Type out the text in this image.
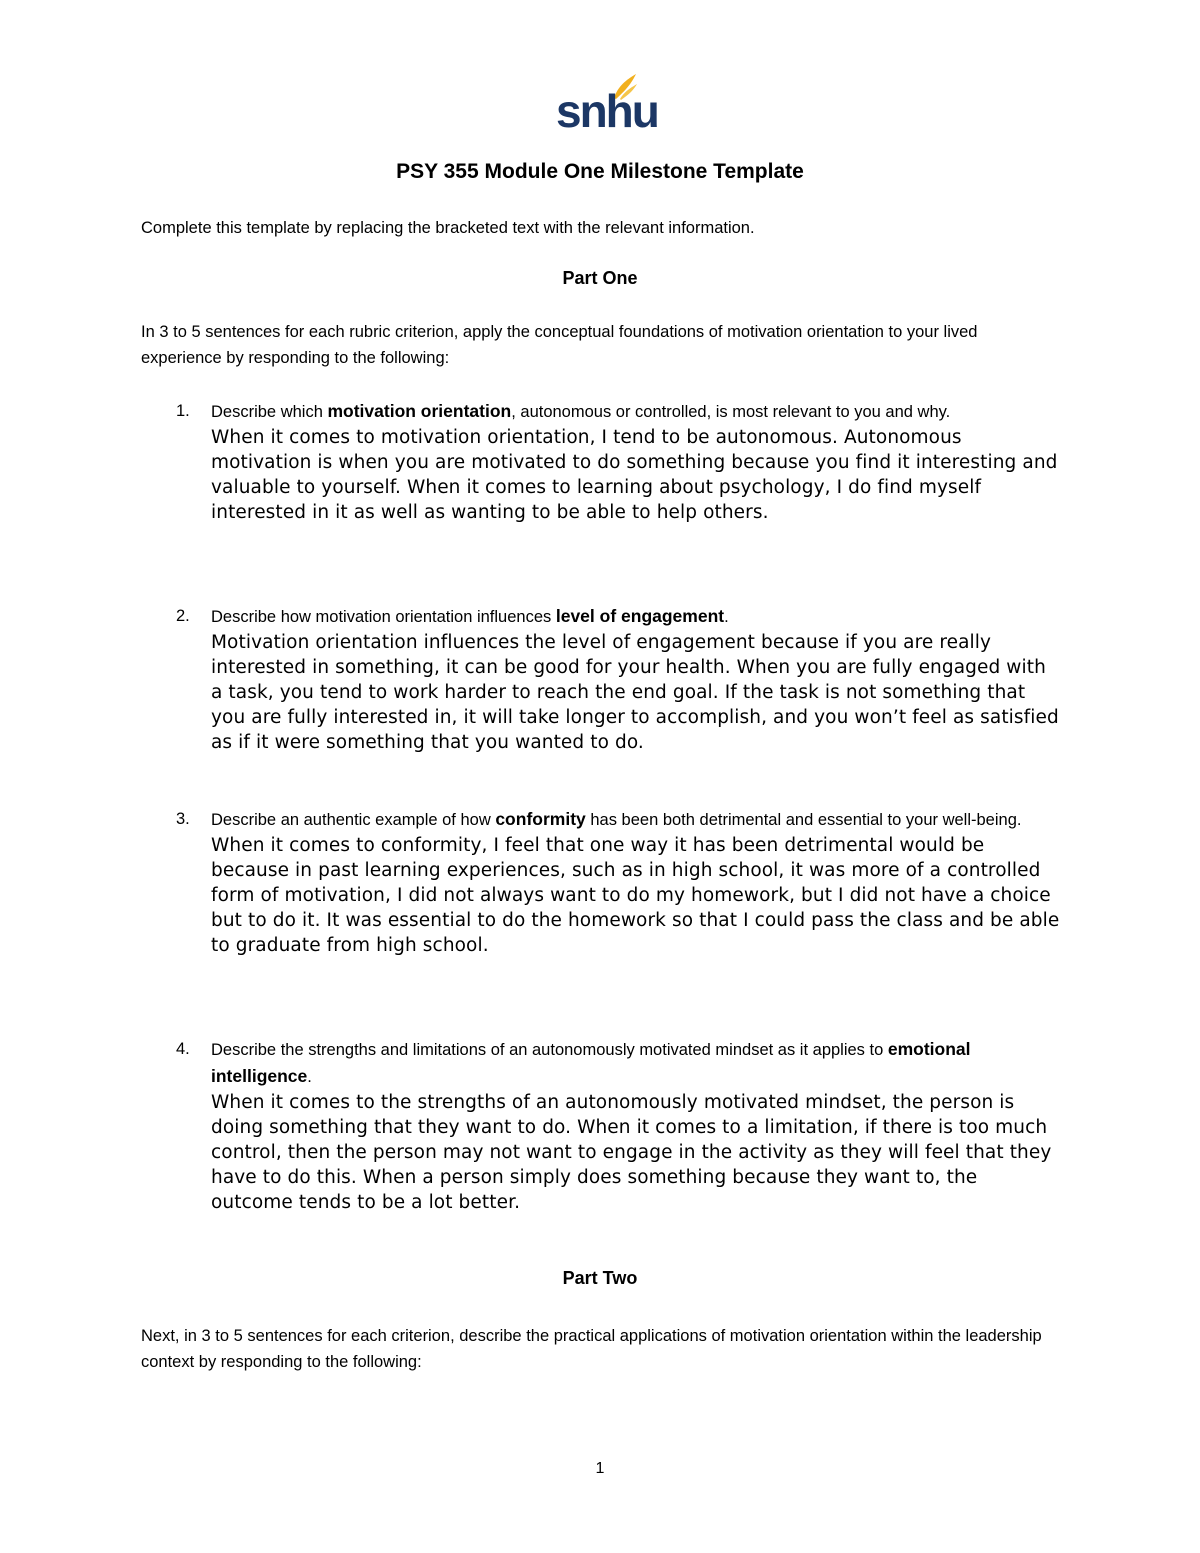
snhu
PSY 355 Module One Milestone Template
Complete this template by replacing the bracketed text with the relevant information.
Part One
In 3 to 5 sentences for each rubric criterion, apply the conceptual foundations of motivation orientation to your lived experience by responding to the following:
1. Describe which motivation orientation, autonomous or controlled, is most relevant to you and why.
When it comes to motivation orientation, I tend to be autonomous. Autonomous motivation is when you are motivated to do something because you find it interesting and valuable to yourself. When it comes to learning about psychology, I do find myself interested in it as well as wanting to be able to help others.
2. Describe how motivation orientation influences level of engagement.
Motivation orientation influences the level of engagement because if you are really interested in something, it can be good for your health. When you are fully engaged with a task, you tend to work harder to reach the end goal. If the task is not something that you are fully interested in, it will take longer to accomplish, and you won’t feel as satisfied as if it were something that you wanted to do.
3. Describe an authentic example of how conformity has been both detrimental and essential to your well-being.
When it comes to conformity, I feel that one way it has been detrimental would be because in past learning experiences, such as in high school, it was more of a controlled form of motivation, I did not always want to do my homework, but I did not have a choice but to do it. It was essential to do the homework so that I could pass the class and be able to graduate from high school.
4. Describe the strengths and limitations of an autonomously motivated mindset as it applies to emotional intelligence.
When it comes to the strengths of an autonomously motivated mindset, the person is doing something that they want to do. When it comes to a limitation, if there is too much control, then the person may not want to engage in the activity as they will feel that they have to do this. When a person simply does something because they want to, the outcome tends to be a lot better.
Part Two
Next, in 3 to 5 sentences for each criterion, describe the practical applications of motivation orientation within the leadership context by responding to the following:
1
